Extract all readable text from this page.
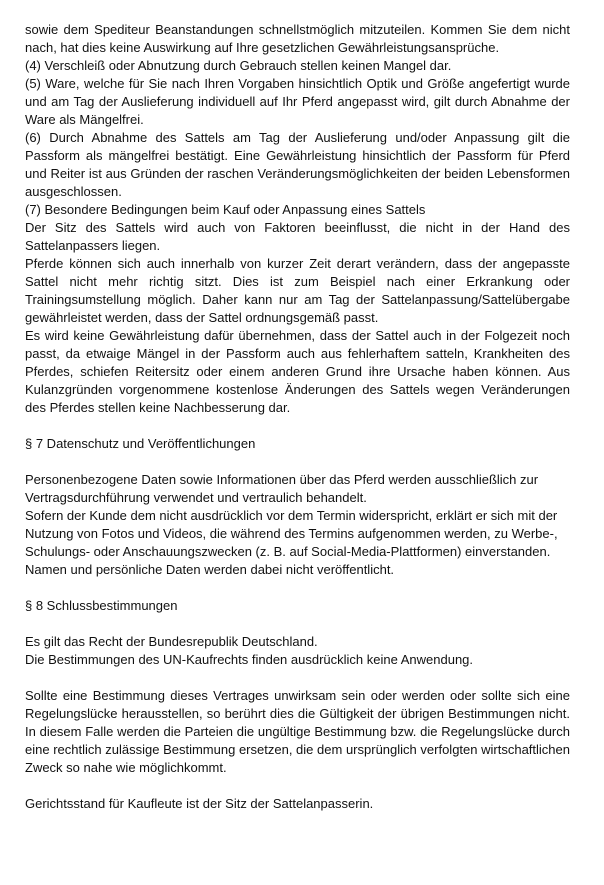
sowie dem Spediteur Beanstandungen schnellstmöglich mitzuteilen. Kommen Sie dem nicht nach, hat dies keine Auswirkung auf Ihre gesetzlichen Gewährleistungsansprüche.

(4) Verschleiß oder Abnutzung durch Gebrauch stellen keinen Mangel dar.

(5) Ware, welche für Sie nach Ihren Vorgaben hinsichtlich Optik und Größe angefertigt wurde und am Tag der Auslieferung individuell auf Ihr Pferd angepasst wird, gilt durch Abnahme der Ware als Mängelfrei.

(6) Durch Abnahme des Sattels am Tag der Auslieferung und/oder Anpassung gilt die Passform als mängelfrei bestätigt. Eine Gewährleistung hinsichtlich der Passform für Pferd und Reiter ist aus Gründen der raschen Veränderungsmöglichkeiten der beiden Lebensformen ausgeschlossen.

(7) Besondere Bedingungen beim Kauf oder Anpassung eines Sattels

Der Sitz des Sattels wird auch von Faktoren beeinflusst, die nicht in der Hand des Sattelanpassers liegen.

Pferde können sich auch innerhalb von kurzer Zeit derart verändern, dass der angepasste Sattel nicht mehr richtig sitzt. Dies ist zum Beispiel nach einer Erkrankung oder Trainingsumstellung möglich. Daher kann nur am Tag der Sattelanpassung/Sattelübergabe gewährleistet werden, dass der Sattel ordnungsgemäß passt.

Es wird keine Gewährleistung dafür übernehmen, dass der Sattel auch in der Folgezeit noch passt, da etwaige Mängel in der Passform auch aus fehlerhaftem satteln, Krankheiten des Pferdes, schiefen Reitersitz oder einem anderen Grund ihre Ursache haben können. Aus Kulanzgründen vorgenommene kostenlose Änderungen des Sattels wegen Veränderungen des Pferdes stellen keine Nachbesserung dar.

§ 7 Datenschutz und Veröffentlichungen

Personenbezogene Daten sowie Informationen über das Pferd werden ausschließlich zur Vertragsdurchführung verwendet und vertraulich behandelt.

Sofern der Kunde dem nicht ausdrücklich vor dem Termin widerspricht, erklärt er sich mit der Nutzung von Fotos und Videos, die während des Termins aufgenommen werden, zu Werbe-, Schulungs- oder Anschauungszwecken (z. B. auf Social-Media-Plattformen) einverstanden. Namen und persönliche Daten werden dabei nicht veröffentlicht.

§ 8 Schlussbestimmungen

Es gilt das Recht der Bundesrepublik Deutschland.

Die Bestimmungen des UN-Kaufrechts finden ausdrücklich keine Anwendung.

Sollte eine Bestimmung dieses Vertrages unwirksam sein oder werden oder sollte sich eine Regelungslücke herausstellen, so berührt dies die Gültigkeit der übrigen Bestimmungen nicht. In diesem Falle werden die Parteien die ungültige Bestimmung bzw. die Regelungslücke durch eine rechtlich zulässige Bestimmung ersetzen, die dem ursprünglich verfolgten wirtschaftlichen Zweck so nahe wie möglichkommt.

Gerichtsstand für Kaufleute ist der Sitz der Sattelanpasserin.
